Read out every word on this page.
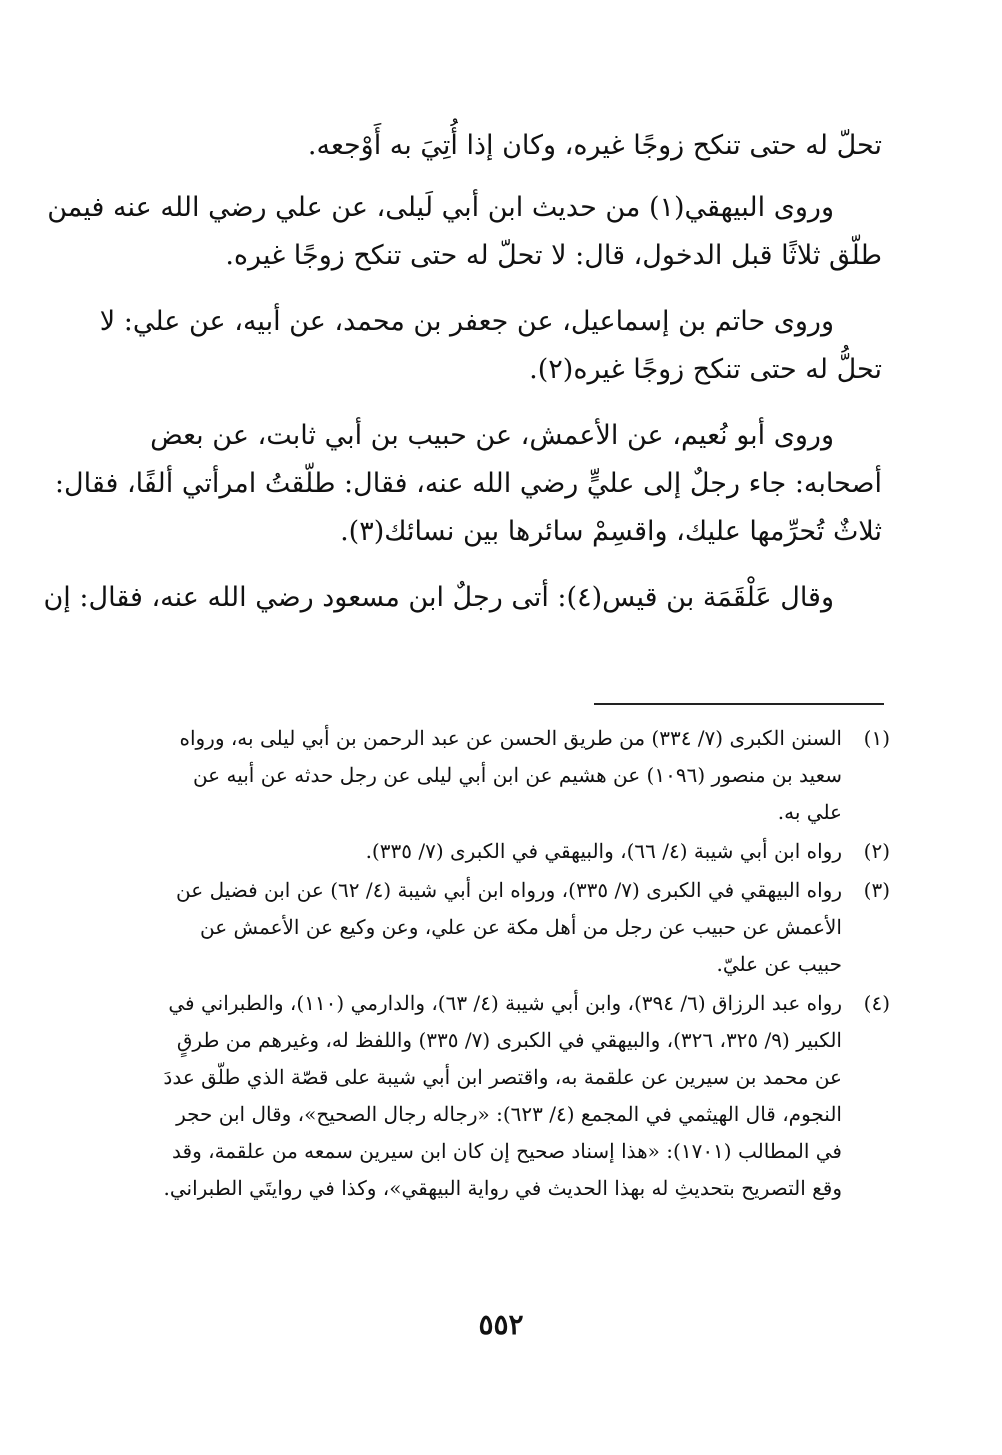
تحلّ له حتى تنكح زوجًا غيره، وكان إذا أُتِيَ به أَوْجعه.

وروى البيهقي(١) من حديث ابن أبي لَيلى، عن علي رضي الله عنه فيمن
طلّق ثلاثًا قبل الدخول، قال: لا تحلّ له حتى تنكح زوجًا غيره.

وروى حاتم بن إسماعيل، عن جعفر بن محمد، عن أبيه، عن علي: لا
تحلُّ له حتى تنكح زوجًا غيره(٢).

وروى أبو نُعيم، عن الأعمش، عن حبيب بن أبي ثابت، عن بعض
أصحابه: جاء رجلٌ إلى عليٍّ رضي الله عنه، فقال: طلّقتُ امرأتي ألفًا، فقال:
ثلاثٌ تُحرِّمها عليك، واقسِمْ سائرها بين نسائك(٣).

وقال عَلْقَمَة بن قيس(٤): أتى رجلٌ ابن مسعود رضي الله عنه، فقال: إن

(١)
السنن الكبرى (٧/ ٣٣٤) من طريق الحسن عن عبد الرحمن بن أبي ليلى به، ورواه
سعيد بن منصور (١٠٩٦) عن هشيم عن ابن أبي ليلى عن رجل حدثه عن أبيه عن
علي به.
(٢)
رواه ابن أبي شيبة (٤/ ٦٦)، والبيهقي في الكبرى (٧/ ٣٣٥).
(٣)
رواه البيهقي في الكبرى (٧/ ٣٣٥)، ورواه ابن أبي شيبة (٤/ ٦٢) عن ابن فضيل عن
الأعمش عن حبيب عن رجل من أهل مكة عن علي، وعن وكيع عن الأعمش عن
حبيب عن عليّ.
(٤)
رواه عبد الرزاق (٦/ ٣٩٤)، وابن أبي شيبة (٤/ ٦٣)، والدارمي (١١٠)، والطبراني في
الكبير (٩/ ٣٢٥، ٣٢٦)، والبيهقي في الكبرى (٧/ ٣٣٥) واللفظ له، وغيرهم من طرقٍ
عن محمد بن سيرين عن علقمة به، واقتصر ابن أبي شيبة على قصّة الذي طلّق عددَ
النجوم، قال الهيثمي في المجمع (٤/ ٦٢٣): «رجاله رجال الصحيح»، وقال ابن حجر
في المطالب (١٧٠١): «هذا إسناد صحيح إن كان ابن سيرين سمعه من علقمة، وقد
وقع التصريح بتحديثِ له بهذا الحديث في رواية البيهقي»، وكذا في روايتَي الطبراني.
٥٥٢
